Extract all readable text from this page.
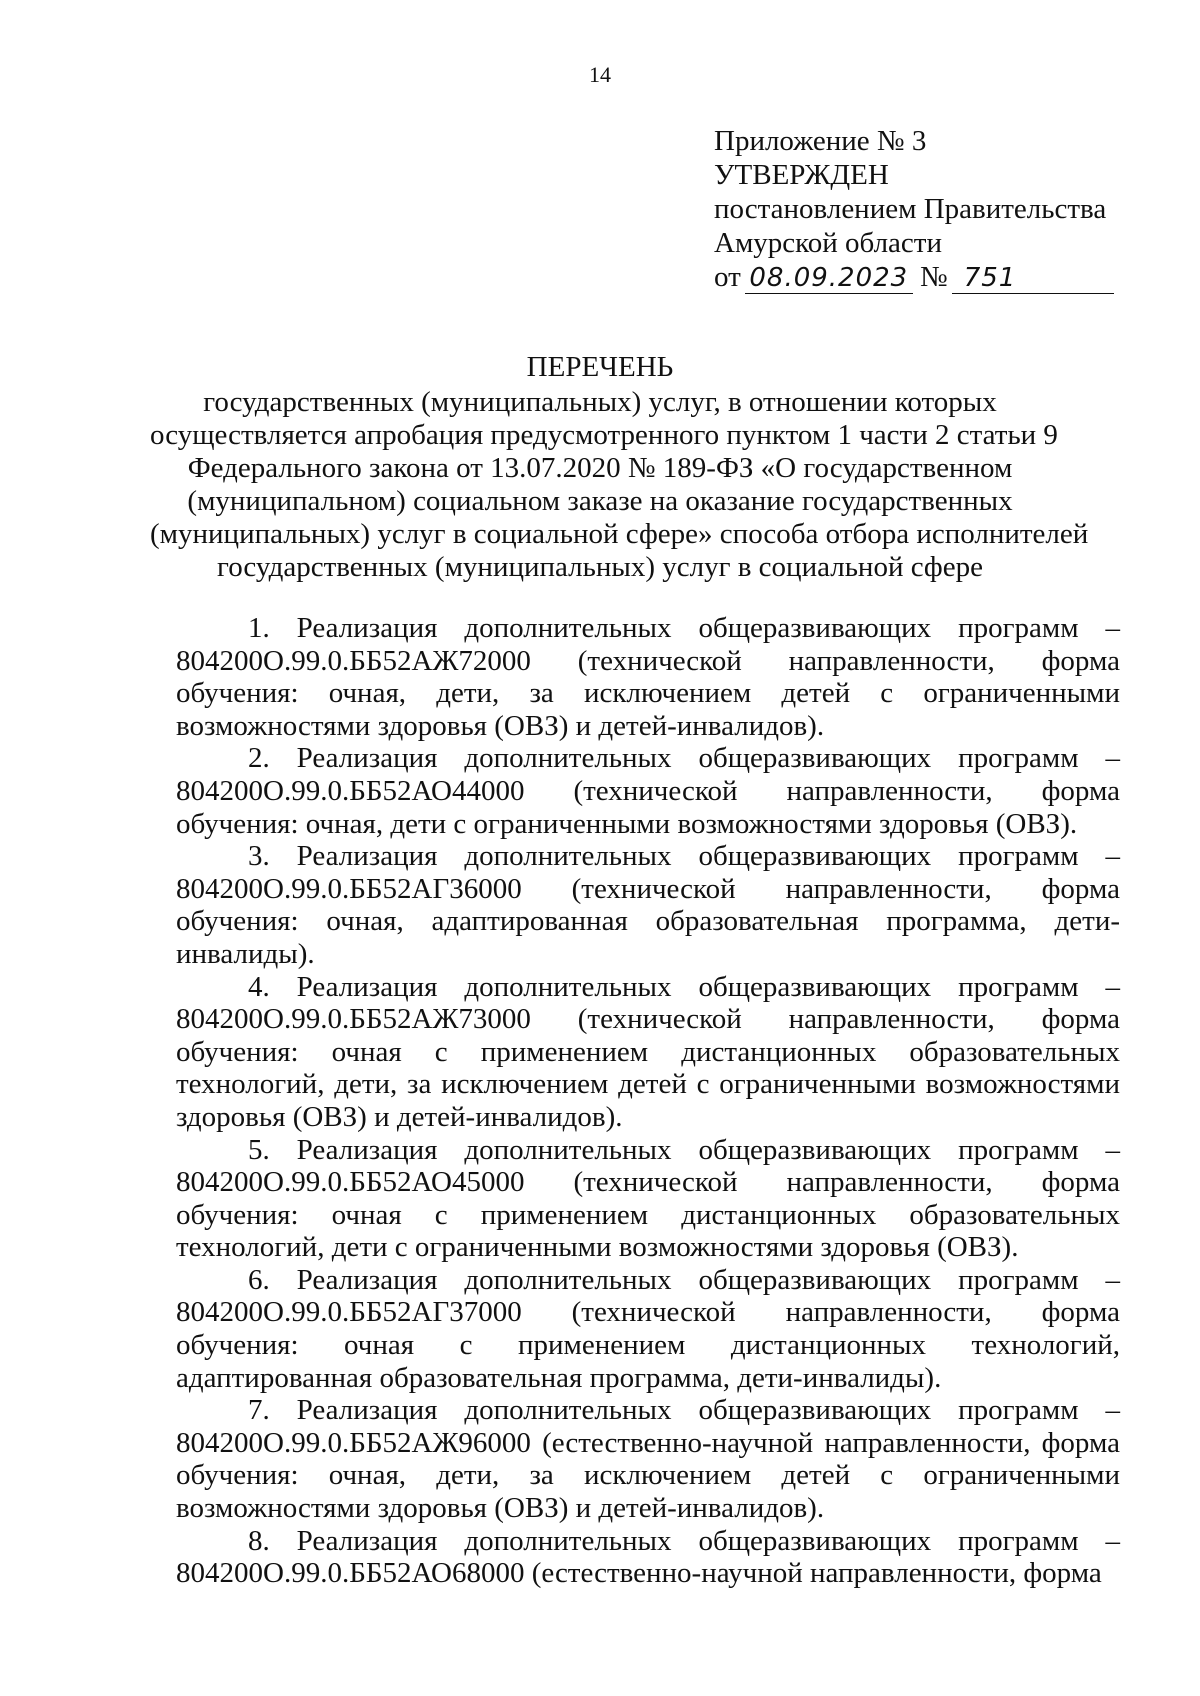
14
Приложение № 3
УТВЕРЖДЕН
постановлением Правительства
Амурской области
от 08.09.2023 № 751
ПЕРЕЧЕНЬ
государственных (муниципальных) услуг, в отношении которых
осуществляется апробация предусмотренного пунктом 1 части 2 статьи 9
Федерального закона от 13.07.2020 № 189-ФЗ «О государственном
(муниципальном) социальном заказе на оказание государственных
(муниципальных) услуг в социальной сфере» способа отбора исполнителей
государственных (муниципальных) услуг в социальной сфере

1. Реализация дополнительных общеразвивающих программ – 804200О.99.0.ББ52АЖ72000 (технической направленности, форма обучения: очная, дети, за исключением детей с ограниченными возможностями здоровья (ОВЗ) и детей-инвалидов).

2. Реализация дополнительных общеразвивающих программ – 804200О.99.0.ББ52АО44000 (технической направленности, форма обучения: очная, дети с ограниченными возможностями здоровья (ОВЗ).

3. Реализация дополнительных общеразвивающих программ – 804200О.99.0.ББ52АГ36000 (технической направленности, форма обучения: очная, адаптированная образовательная программа, дети-инвалиды).

4. Реализация дополнительных общеразвивающих программ – 804200О.99.0.ББ52АЖ73000 (технической направленности, форма обучения: очная с применением дистанционных образовательных технологий, дети, за исключением детей с ограниченными возможностями здоровья (ОВЗ) и детей-инвалидов).

5. Реализация дополнительных общеразвивающих программ – 804200О.99.0.ББ52АО45000 (технической направленности, форма обучения: очная с применением дистанционных образовательных технологий, дети с ограниченными возможностями здоровья (ОВЗ).

6. Реализация дополнительных общеразвивающих программ – 804200О.99.0.ББ52АГ37000 (технической направленности, форма обучения: очная с применением дистанционных технологий, адаптированная образовательная программа, дети-инвалиды).

7. Реализация дополнительных общеразвивающих программ – 804200О.99.0.ББ52АЖ96000 (естественно-научной направленности, форма обучения: очная, дети, за исключением детей с ограниченными возможностями здоровья (ОВЗ) и детей-инвалидов).

8. Реализация дополнительных общеразвивающих программ – 804200О.99.0.ББ52АО68000 (естественно-научной направленности, форма
